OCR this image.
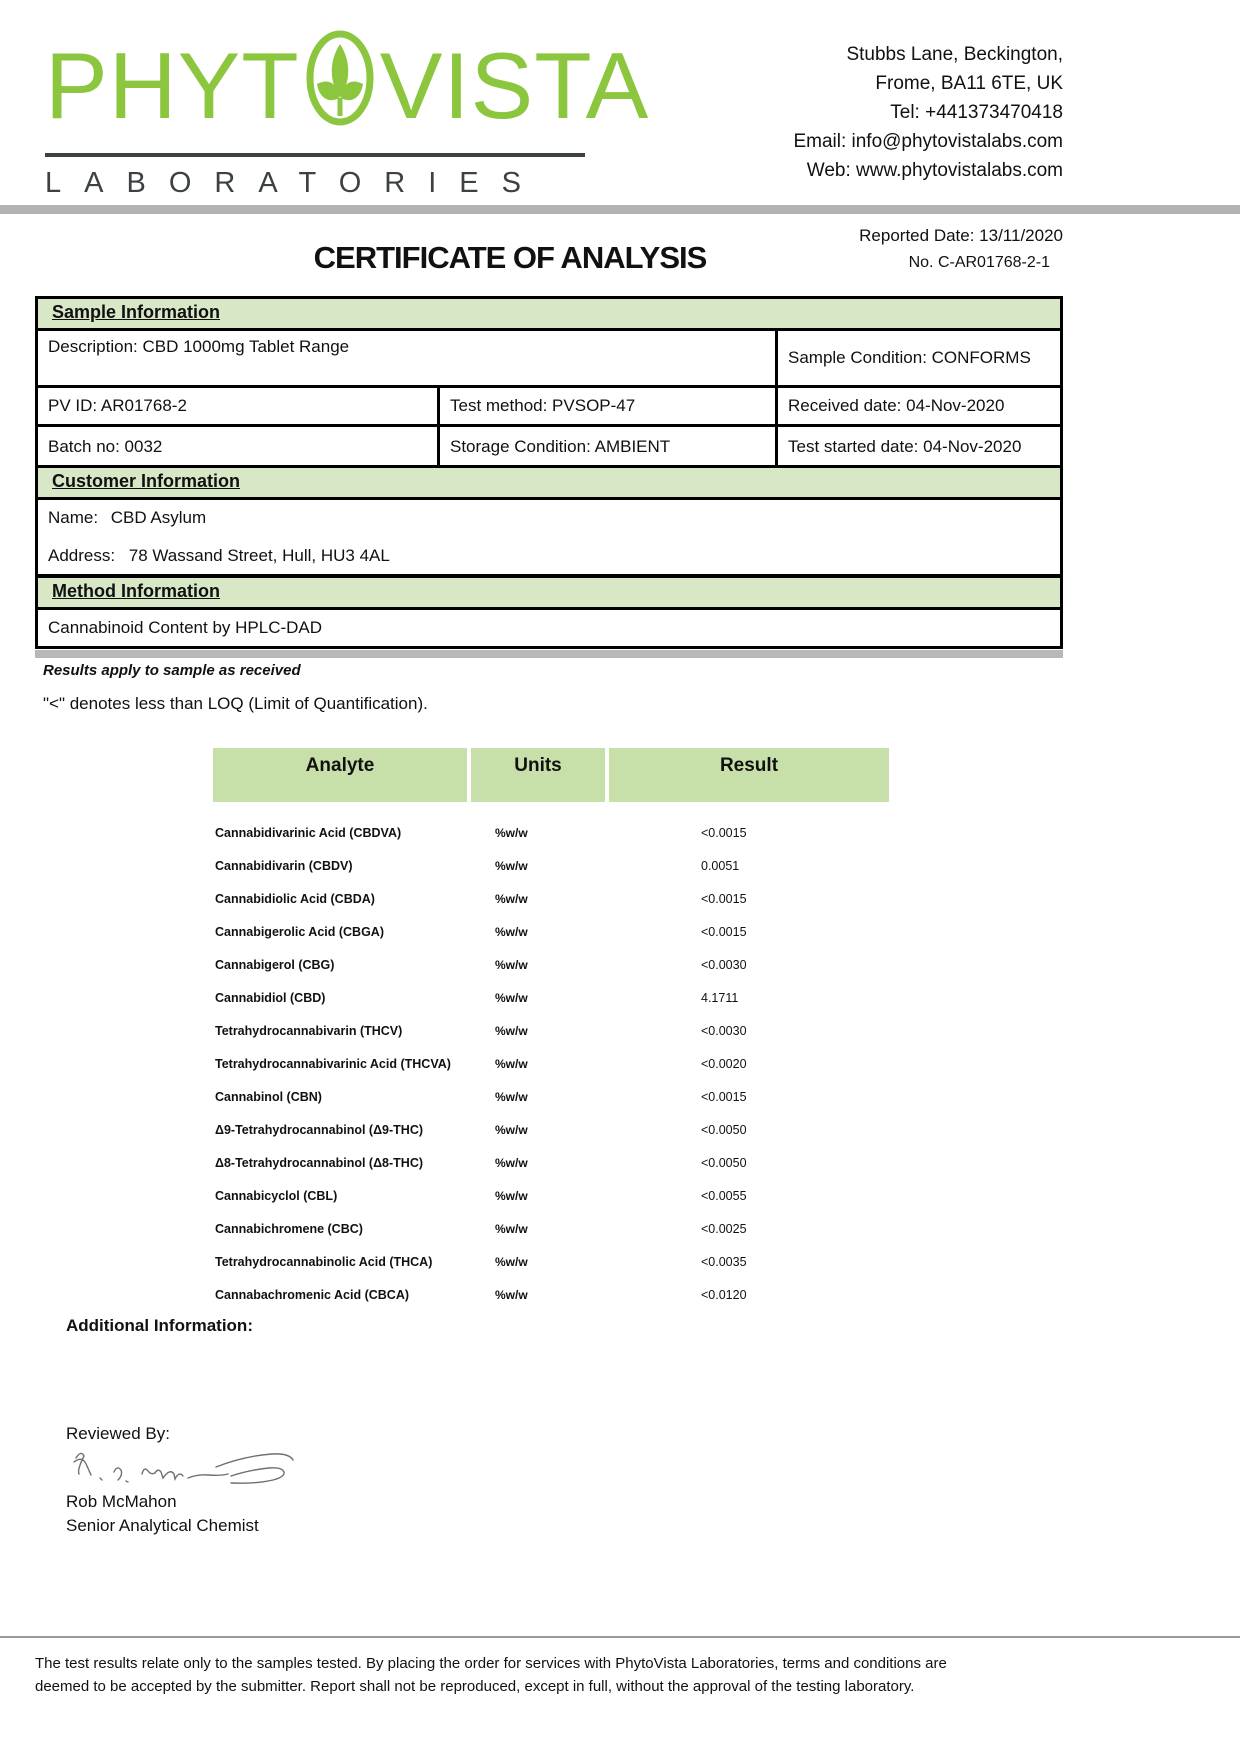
PHYT VISTA
LABORATORIES
Stubbs Lane, Beckington,
Frome, BA11 6TE, UK
Tel: +441373470418
Email: info@phytovistalabs.com
Web: www.phytovistalabs.com
Reported Date: 13/11/2020
No. C-AR01768-2-1
CERTIFICATE OF ANALYSIS
Sample Information
Description: CBD 1000mg Tablet Range
Sample Condition: CONFORMS
PV ID: AR01768-2	Test method: PVSOP-47	Received date: 04-Nov-2020
Batch no: 0032	Storage Condition: AMBIENT	Test started date: 04-Nov-2020
Customer Information
Name: CBD Asylum
Address: 78 Wassand Street, Hull, HU3 4AL
Method Information
Cannabinoid Content by HPLC-DAD
Results apply to sample as received
"<" denotes less than LOQ (Limit of Quantification).
Analyte	Units	Result
Cannabidivarinic Acid (CBDVA)	%w/w	<0.0015
Cannabidivarin (CBDV)	%w/w	0.0051
Cannabidiolic Acid (CBDA)	%w/w	<0.0015
Cannabigerolic Acid (CBGA)	%w/w	<0.0015
Cannabigerol (CBG)	%w/w	<0.0030
Cannabidiol (CBD)	%w/w	4.1711
Tetrahydrocannabivarin (THCV)	%w/w	<0.0030
Tetrahydrocannabivarinic Acid (THCVA)	%w/w	<0.0020
Cannabinol (CBN)	%w/w	<0.0015
Δ9-Tetrahydrocannabinol (Δ9-THC)	%w/w	<0.0050
Δ8-Tetrahydrocannabinol (Δ8-THC)	%w/w	<0.0050
Cannabicyclol (CBL)	%w/w	<0.0055
Cannabichromene (CBC)	%w/w	<0.0025
Tetrahydrocannabinolic Acid (THCA)	%w/w	<0.0035
Cannabachromenic Acid (CBCA)	%w/w	<0.0120
Additional Information:
Reviewed By:
Rob McMahon
Senior Analytical Chemist
The test results relate only to the samples tested. By placing the order for services with PhytoVista Laboratories, terms and conditions are
deemed to be accepted by the submitter. Report shall not be reproduced, except in full, without the approval of the testing laboratory.
